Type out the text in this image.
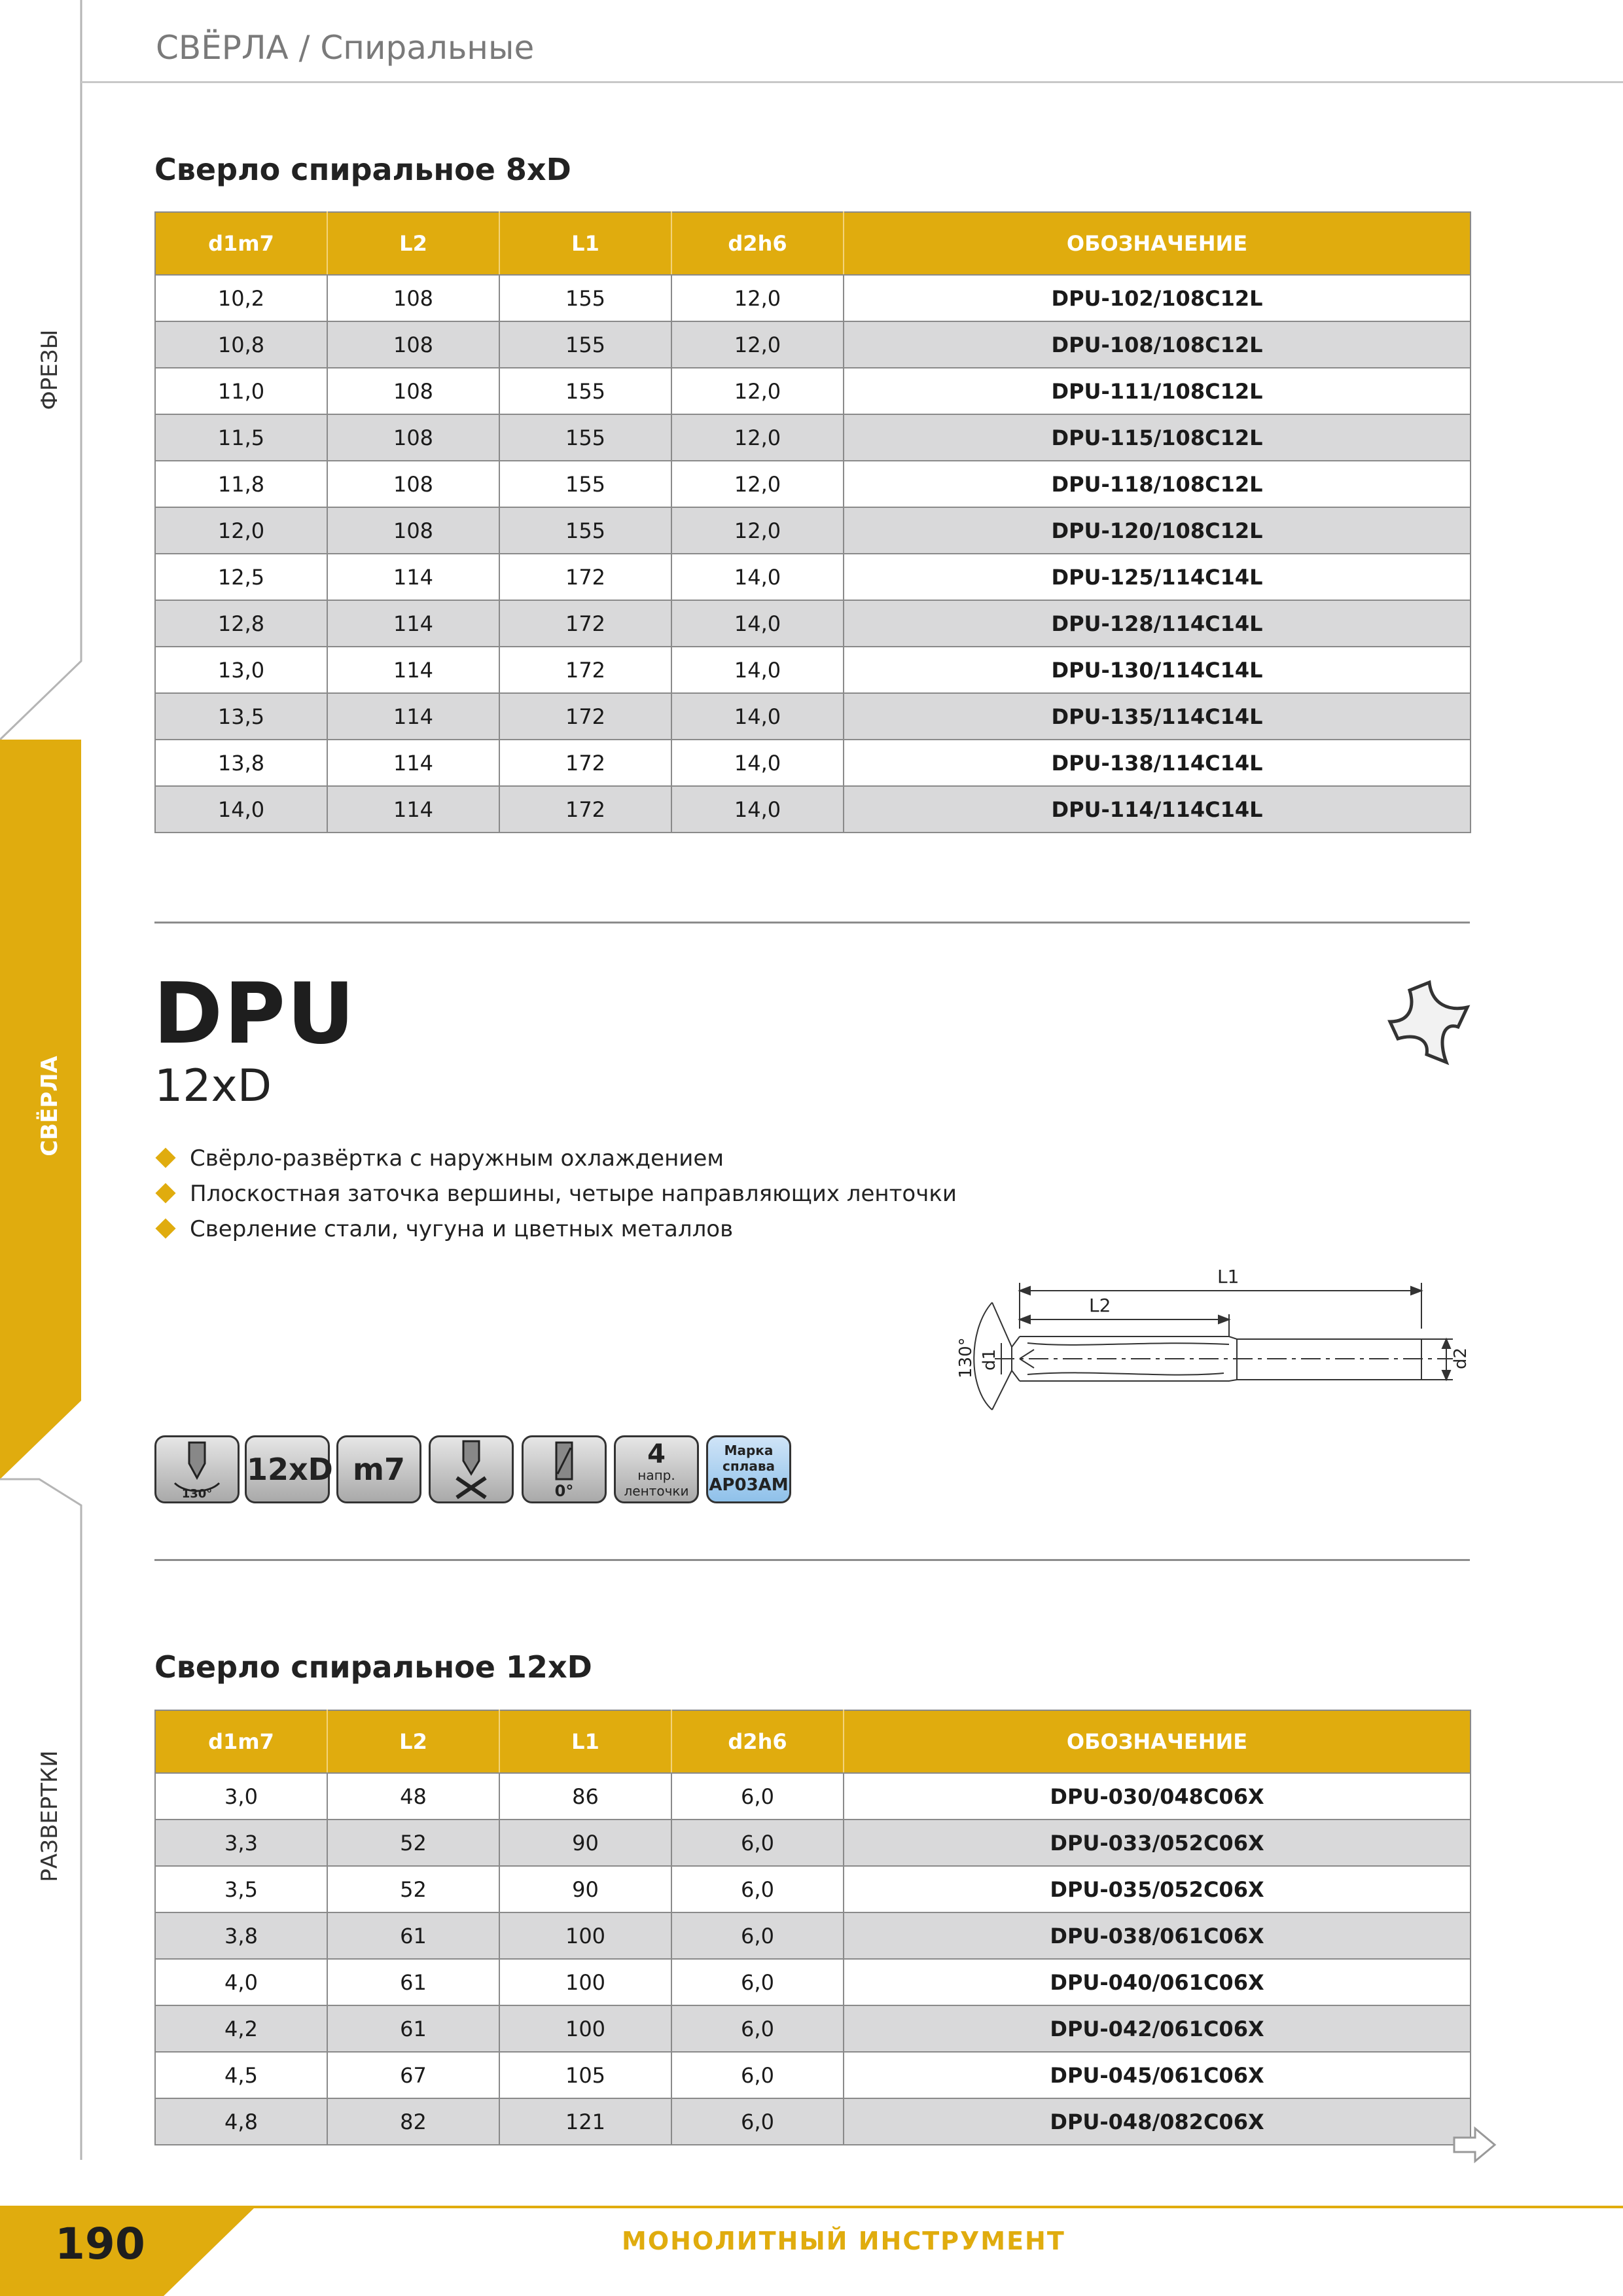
ФРЕЗЫ
СВЁРЛА
РАЗВЕРТКИ
СВЁРЛА / Спиральные
Сверло спиральное 8xD
d1m7	L2	L1	d2h6	ОБОЗНАЧЕНИЕ
10,2	108	155	12,0	DPU-102/108C12L
10,8	108	155	12,0	DPU-108/108C12L
11,0	108	155	12,0	DPU-111/108C12L
11,5	108	155	12,0	DPU-115/108C12L
11,8	108	155	12,0	DPU-118/108C12L
12,0	108	155	12,0	DPU-120/108C12L
12,5	114	172	14,0	DPU-125/114C14L
12,8	114	172	14,0	DPU-128/114C14L
13,0	114	172	14,0	DPU-130/114C14L
13,5	114	172	14,0	DPU-135/114C14L
13,8	114	172	14,0	DPU-138/114C14L
14,0	114	172	14,0	DPU-114/114C14L
DPU
12xD
Свёрло-развёртка с наружным охлаждением
Плоскостная заточка вершины, четыре направляющих ленточки
Сверление стали, чугуна и цветных металлов
L1
L2
130° d1	d2
130°
12xD m7
0°
4
напр.
ленточки
Марка
сплава
AP03AM
Сверло спиральное 12xD
d1m7	L2	L1	d2h6	ОБОЗНАЧЕНИЕ
3,0	48	86	6,0	DPU-030/048C06X
3,3	52	90	6,0	DPU-033/052C06X
3,5	52	90	6,0	DPU-035/052C06X
3,8	61	100	6,0	DPU-038/061C06X
4,0	61	100	6,0	DPU-040/061C06X
4,2	61	100	6,0	DPU-042/061C06X
4,5	67	105	6,0	DPU-045/061C06X
4,8	82	121	6,0	DPU-048/082C06X
190	МОНОЛИТНЫЙ ИНСТРУМЕНТ
